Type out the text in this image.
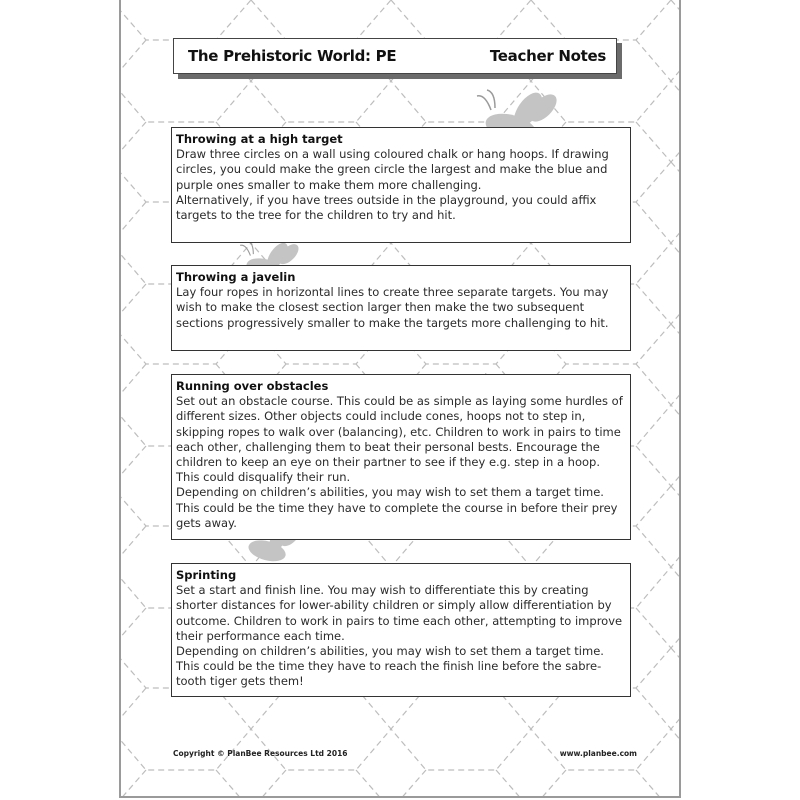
The Prehistoric World: PE	Teacher Notes
Throwing at a high target

Draw three circles on a wall using coloured chalk or hang hoops. If drawing circles, you could make the green circle the largest and make the blue and purple ones smaller to make them more challenging.

Alternatively, if you have trees outside in the playground, you could affix targets to the tree for the children to try and hit.

Throwing a javelin

Lay four ropes in horizontal lines to create three separate targets. You may wish to make the closest section larger then make the two subsequent sections progressively smaller to make the targets more challenging to hit.

Running over obstacles

Set out an obstacle course. This could be as simple as laying some hurdles of different sizes. Other objects could include cones, hoops not to step in, skipping ropes to walk over (balancing), etc. Children to work in pairs to time each other, challenging them to beat their personal bests. Encourage the children to keep an eye on their partner to see if they e.g. step in a hoop. This could disqualify their run.

Depending on children’s abilities, you may wish to set them a target time. This could be the time they have to complete the course in before their prey gets away.

Sprinting

Set a start and finish line. You may wish to differentiate this by creating shorter distances for lower-ability children or simply allow differentiation by outcome. Children to work in pairs to time each other, attempting to improve their performance each time.

Depending on children’s abilities, you may wish to set them a target time. This could be the time they have to reach the finish line before the sabre-tooth tiger gets them!

Copyright © PlanBee Resources Ltd 2016	www.planbee.com
